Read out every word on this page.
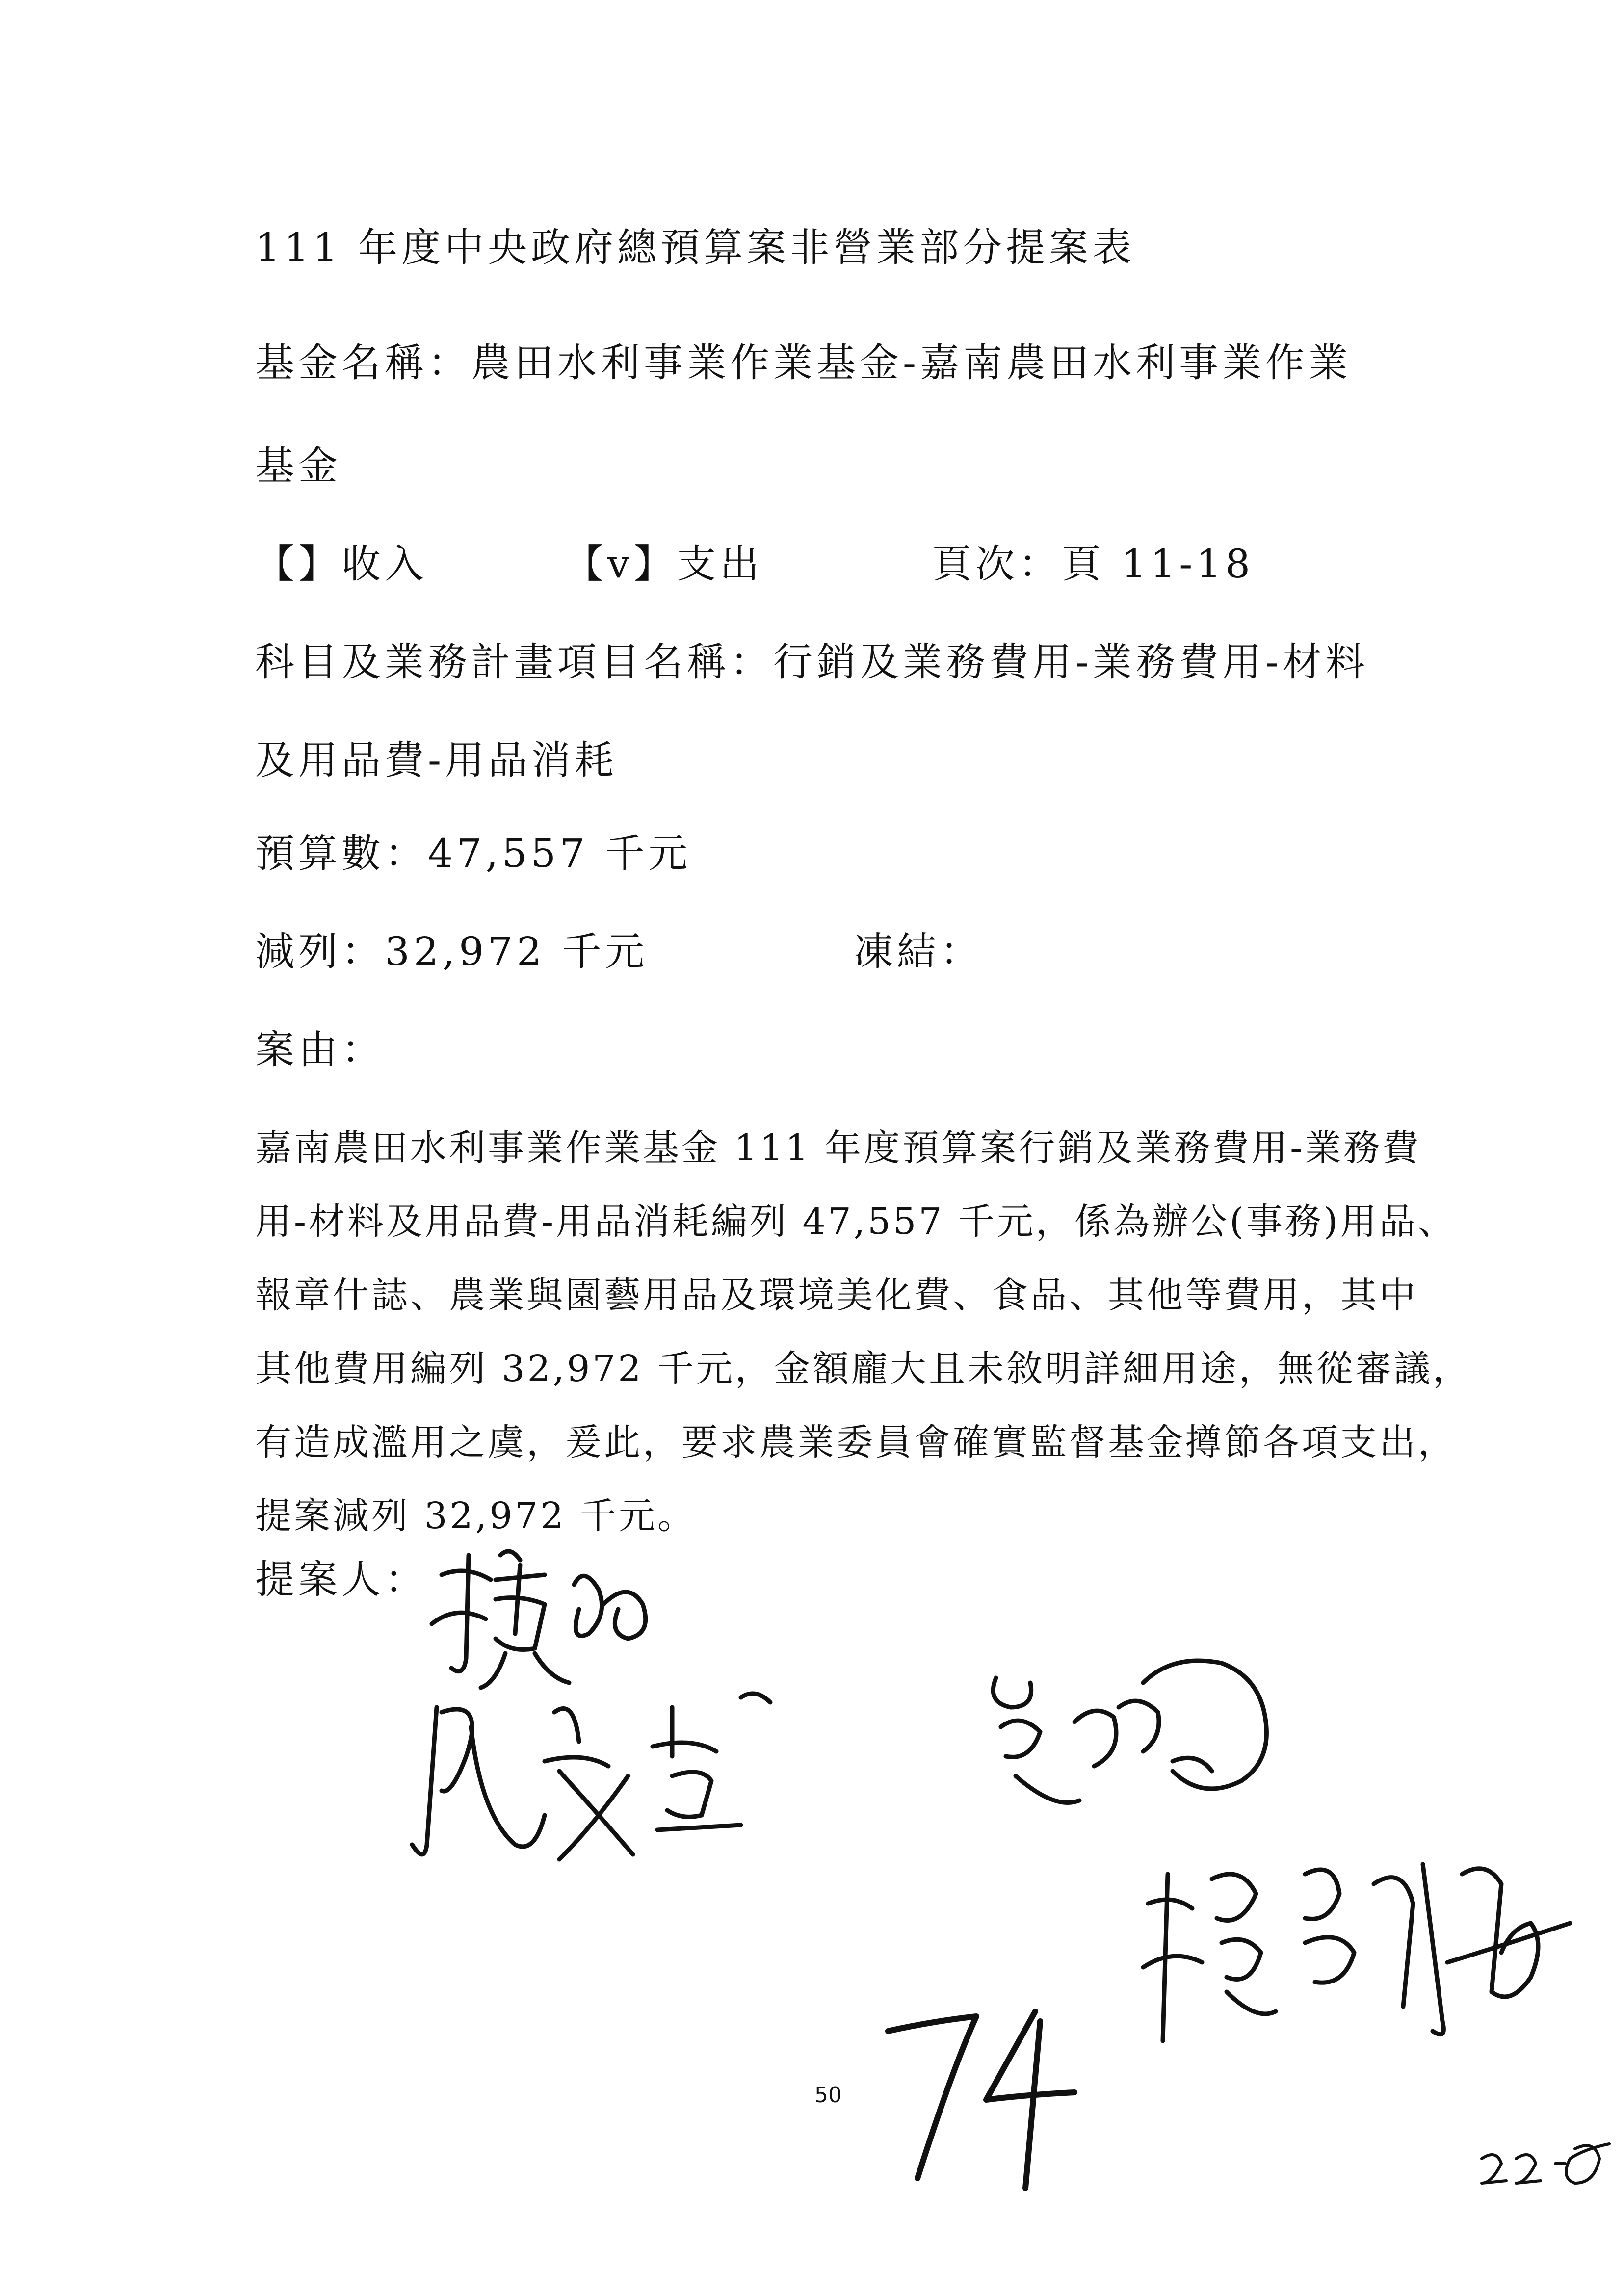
111 年度中央政府總預算案非營業部分提案表
基金名稱：農田水利事業作業基金-嘉南農田水利事業作業
基金
【】收入	【v】支出	頁次：頁 11-18
科目及業務計畫項目名稱：行銷及業務費用-業務費用-材料
及用品費-用品消耗
預算數：47,557 千元
減列：32,972 千元	凍結：
案由：
嘉南農田水利事業作業基金 111 年度預算案行銷及業務費用-業務費
用-材料及用品費-用品消耗編列 47,557 千元，係為辦公(事務)用品、
報章什誌、農業與園藝用品及環境美化費、食品、其他等費用，其中
其他費用編列 32,972 千元，金額龐大且未敘明詳細用途，無從審議，
有造成濫用之虞，爰此，要求農業委員會確實監督基金撙節各項支出，
提案減列 32,972 千元。
提案人：
50
